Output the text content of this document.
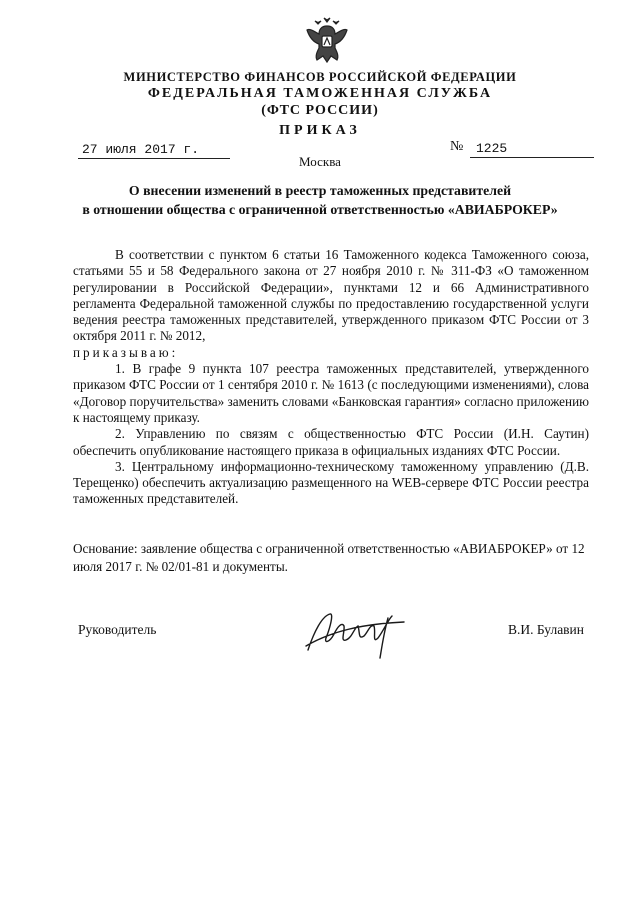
МИНИСТЕРСТВО ФИНАНСОВ РОССИЙСКОЙ ФЕДЕРАЦИИ
ФЕДЕРАЛЬНАЯ ТАМОЖЕННАЯ СЛУЖБА
(ФТС РОССИИ)
ПРИКАЗ
27 июля 2017 г.	№ 1225
Москва
О внесении изменений в реестр таможенных представителей
в отношении общества с ограниченной ответственностью «АВИАБРОКЕР»

В соответствии с пунктом 6 статьи 16 Таможенного кодекса Таможенного союза, статьями 55 и 58 Федерального закона от 27 ноября 2010 г. № 311-ФЗ «О таможенном регулировании в Российской Федерации», пунктами 12 и 66 Административного регламента Федеральной таможенной службы по предоставлению государственной услуги ведения реестра таможенных представителей, утвержденного приказом ФТС России от 3 октября 2011 г. № 2012,

приказываю:

1. В графе 9 пункта 107 реестра таможенных представителей, утвержденного приказом ФТС России от 1 сентября 2010 г. № 1613 (с последующими изменениями), слова «Договор поручительства» заменить словами «Банковская гарантия» согласно приложению к настоящему приказу.

2. Управлению по связям с общественностью ФТС России (И.Н. Саутин) обеспечить опубликование настоящего приказа в официальных изданиях ФТС России.

3. Центральному информационно-техническому таможенному управлению (Д.В. Терещенко) обеспечить актуализацию размещенного на WEB-сервере ФТС России реестра таможенных представителей.

Основание: заявление общества с ограниченной ответственностью «АВИАБРОКЕР» от 12 июля 2017 г. № 02/01-81 и документы.
Руководитель	В.И. Булавин
